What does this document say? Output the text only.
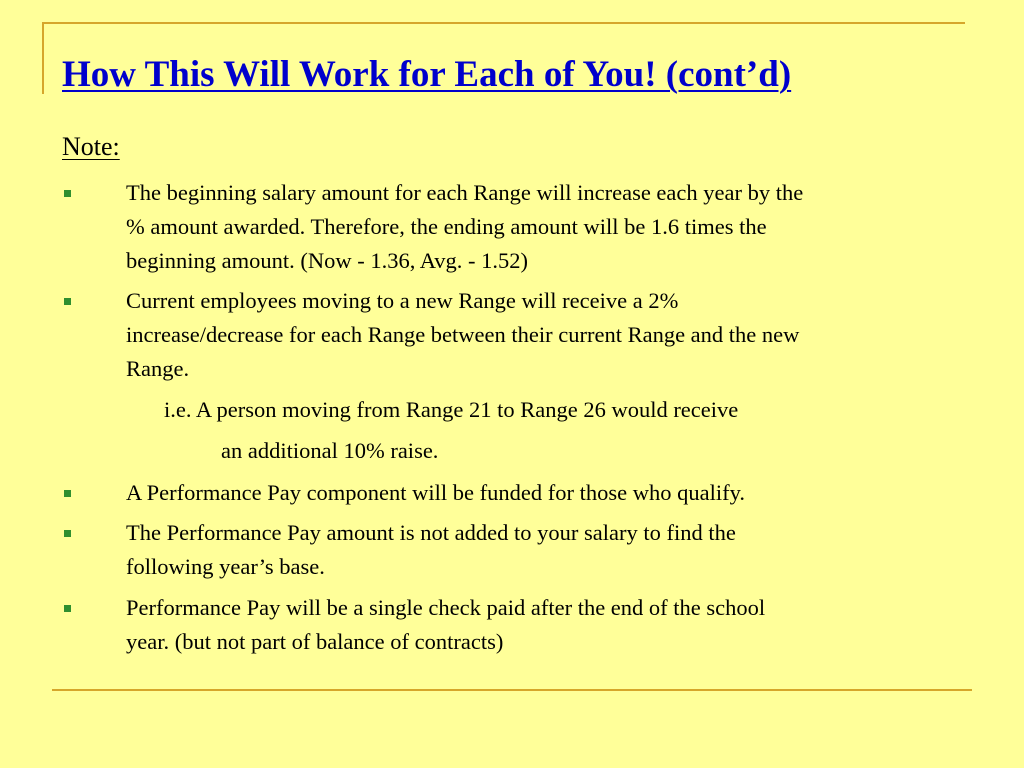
How This Will Work for Each of You! (cont’d)
Note:
The beginning salary amount for each Range will increase each year by the
% amount awarded. Therefore, the ending amount will be 1.6 times the
beginning amount. (Now - 1.36, Avg. - 1.52)
Current employees moving to a new Range will receive a 2%
increase/decrease for each Range between their current Range and the new
Range.
i.e. A person moving from Range 21 to Range 26 would receive
an additional 10% raise.
A Performance Pay component will be funded for those who qualify.
The Performance Pay amount is not added to your salary to find the
following year’s base.
Performance Pay will be a single check paid after the end of the school
year. (but not part of balance of contracts)
